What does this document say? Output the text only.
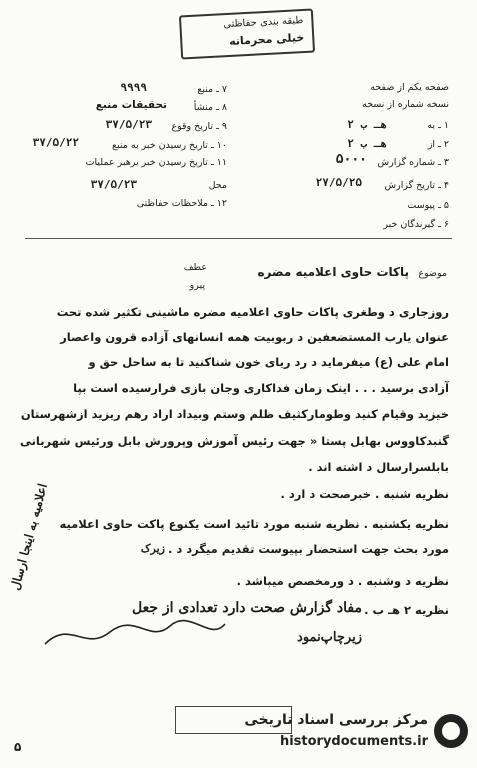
طبقه بندی حفاظتی
خیلی محرمانه
صفحه یکم از صفحه
نسخه شماره از نسخه
۱ ـ به
۲ هـ ب
۲ ـ از
۲ هـ ب
۳ ـ شماره گزارش
۵۰۰۰
۴ ـ تاریخ گزارش
۲۷/۵/۲۵
۵ ـ پیوست
۶ ـ گیرندگان خبر
۷ ـ منبع
۹۹۹۹
۸ ـ منشأ
تحقیقات منبع
۹ ـ تاریخ وقوع
۳۷/۵/۲۳
۱۰ ـ تاریخ رسیدن خبر به منبع
۳۷/۵/۲۲
۱۱ ـ تاریخ رسیدن خبر برهبر عملیات
۳۷/۵/۲۳	محل
۱۲ ـ ملاحظات حفاظتی
عطف
پیرو
موضوع
پاکات حاوی اعلامیه مضره
روزجاری د وطغری پاکات حاوی اعلامیه مضره ماشینی تکثیر شده تحت
عنوان یارب المستضعفین د ربوبیت همه انسانهای آزاده قرون واعصار
امام علی (ع) میفرماید د رد ریای خون شناکنید تا به ساحل حق و
آزادی برسید . . . اینک زمان فداکاری وجان بازی فرارسیده است بپا
خیزید وقیام کنید وطومارکثیف ظلم وستم وبیداد اراد رهم ریزید ازشهرستان
گنبدکاووس بهابل پستا « جهت رئیس آموزش وپرورش بابل ورئیس شهربانی
بابلسرارسال د اشته اند .
نظریه شنبه . خبرصحت د ارد .
نظریه یکشنبه . نظریه شنبه مورد تائید است یکنوع پاکت حاوی اعلامیه
مورد بحث جهت استحضار بپیوست تقدیم میگرد د .
زیرک
نظریه د وشنبه . د ورمخصص میباشد .
نظریه ۲ هـ ب .
مفاد گزارش صحت دارد تعدادی از جعل
زیرچاپ‌نمود
اعلامیه به اینجا ارسال
مرکز بررسی اسناد تاریخی
historydocuments.ir
۵
